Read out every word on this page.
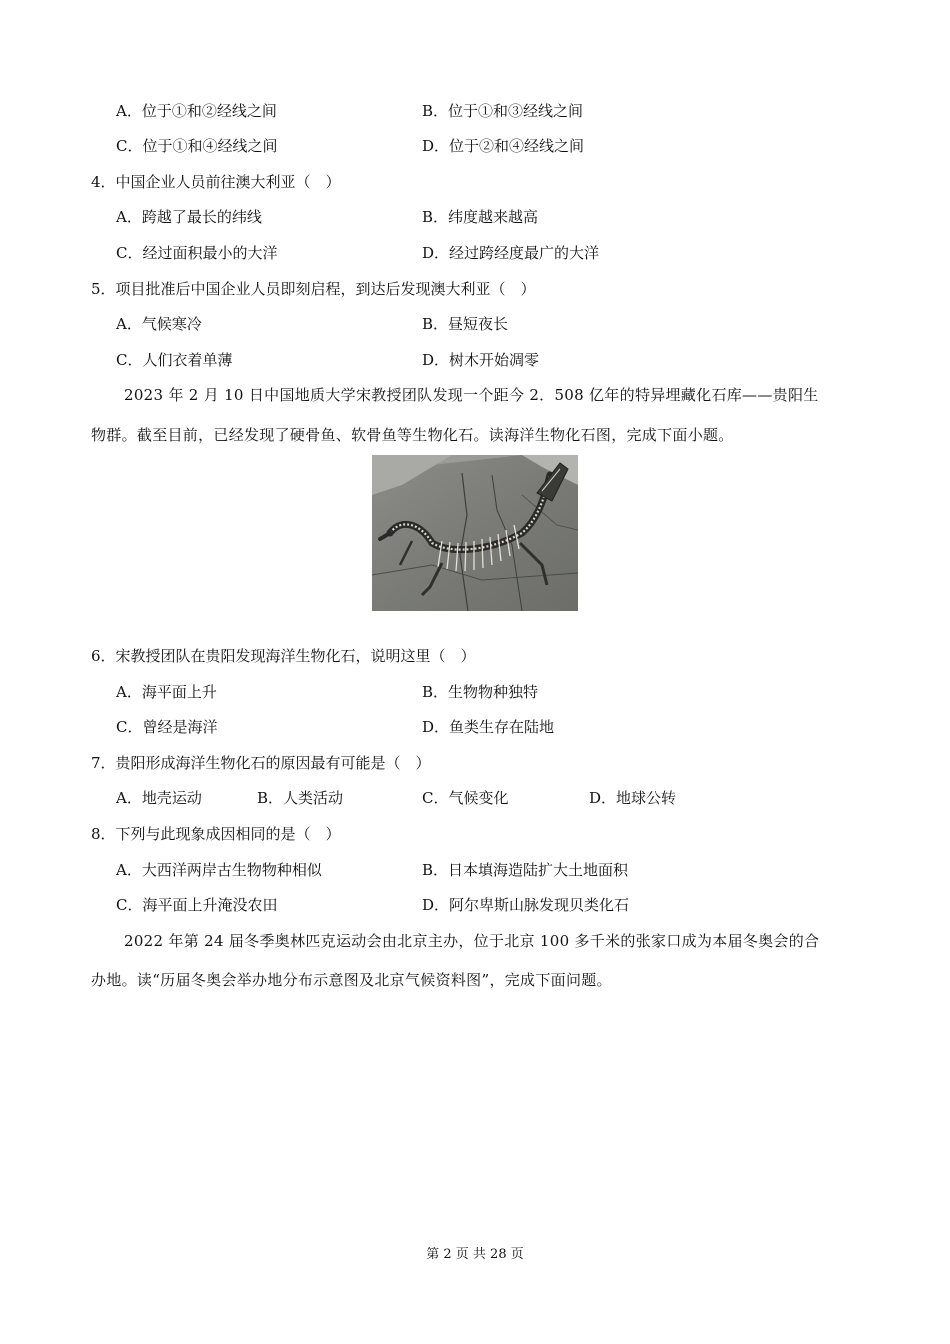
A．位于①和②经线之间	B．位于①和③经线之间
C．位于①和④经线之间	D．位于②和④经线之间
4．中国企业人员前往澳大利亚（　）
A．跨越了最长的纬线	B．纬度越来越高
C．经过面积最小的大洋	D．经过跨经度最广的大洋
5．项目批准后中国企业人员即刻启程，到达后发现澳大利亚（　）
A．气候寒冷	B．昼短夜长
C．人们衣着单薄	D．树木开始凋零
2023 年 2 月 10 日中国地质大学宋教授团队发现一个距今 2．508 亿年的特异埋藏化石库——贵阳生
物群。截至目前，已经发现了硬骨鱼、软骨鱼等生物化石。读海洋生物化石图，完成下面小题。
6．宋教授团队在贵阳发现海洋生物化石，说明这里（　）
A．海平面上升	B．生物物种独特
C．曾经是海洋	D．鱼类生存在陆地
7．贵阳形成海洋生物化石的原因最有可能是（　）
A．地壳运动	B．人类活动	C．气候变化	D．地球公转
8．下列与此现象成因相同的是（　）
A．大西洋两岸古生物物种相似	B．日本填海造陆扩大土地面积
C．海平面上升淹没农田	D．阿尔卑斯山脉发现贝类化石
2022 年第 24 届冬季奥林匹克运动会由北京主办，位于北京 100 多千米的张家口成为本届冬奥会的合
办地。读“历届冬奥会举办地分布示意图及北京气候资料图”，完成下面问题。
第 2 页 共 28 页
